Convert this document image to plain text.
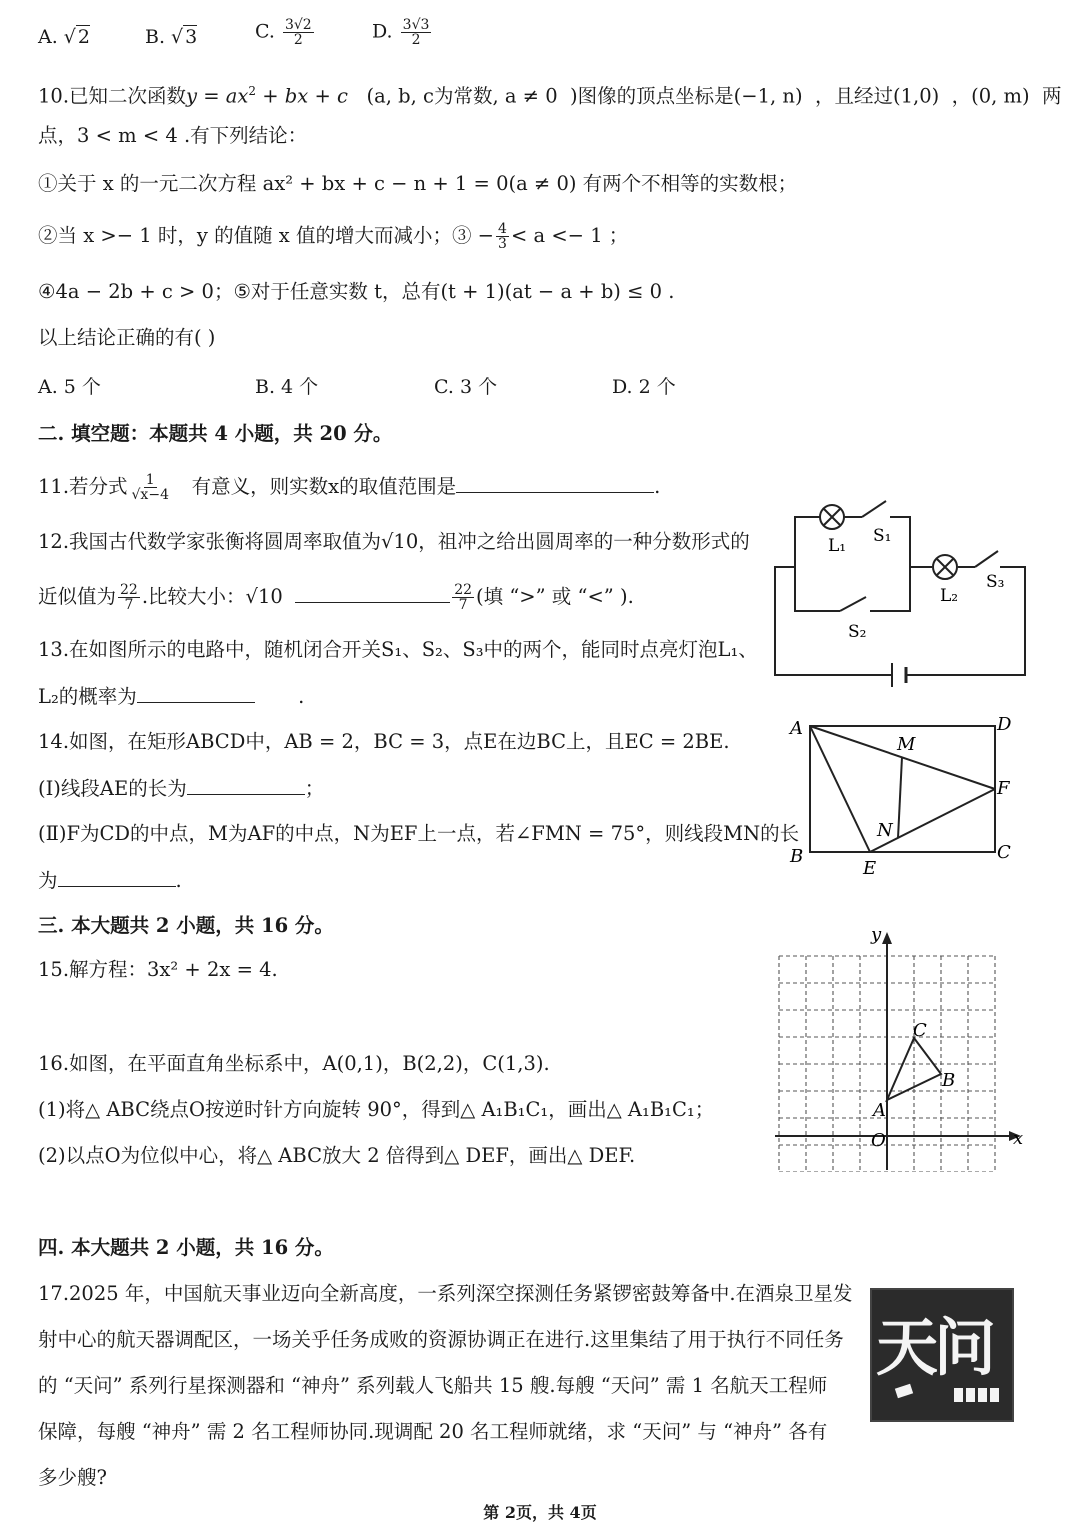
A. √ 2	B. √ 3	C. $\frac{3√2}{2}$	D. $\frac{3√3}{2}$
10.已知二次函数$y = ax^2$ + bx + c (a, b, c为常数, a ≠ 0 )图像的顶点坐标是(−1, n) ，且经过(1,0) ，(0, m) 两
点，3 < m < 4 .有下列结论：
①关于 x 的一元二次方程 ax² + bx + c − n + 1 = 0(a ≠ 0) 有两个不相等的实数根；
②当 x >− 1 时，y 的值随 x 值的增大而减小；③ − $\frac{4}{3} < a <- 1$ ；
④4a − 2b + c > 0；⑤对于任意实数 t，总有(t + 1)(at − a + b) ≤ 0 .
以上结论正确的有( )
A. 5 个	B. 4 个	C. 3 个	D. 2 个
二. 填空题：本题共 4 小题，共 20 分。
11.若分式 $\frac{1}{√x-4}$ 有意义，则实数x的取值范围是	.
12.我国古代数学家张衡将圆周率取值为√10，祖冲之给出圆周率的一种分数形式的
近似值为 $\frac{22}{7}$ .比较大小：√10	$\frac{22}{7}$ (填 “>” 或 “<” ).
13.在如图所示的电路中，随机闭合开关S₁、S₂、S₃中的两个，能同时点亮灯泡L₁、
L₂的概率为	.
14.如图，在矩形ABCD中，AB = 2，BC = 3，点E在边BC上，且EC = 2BE.
(Ⅰ)线段AE的长为	；
(Ⅱ)F为CD的中点，M为AF的中点，N为EF上一点，若∠FMN = 75°，则线段MN的长
为	.
三. 本大题共 2 小题，共 16 分。
15.解方程：3x² + 2x = 4.
16.如图，在平面直角坐标系中，A(0,1)，B(2,2)，C(1,3).
(1)将△ ABC绕点O按逆时针方向旋转 90°，得到△ A₁B₁C₁，画出△ A₁B₁C₁；
(2)以点O为位似中心，将△ ABC放大 2 倍得到△ DEF，画出△ DEF.
四. 本大题共 2 小题，共 16 分。
17.2025 年，中国航天事业迈向全新高度，一系列深空探测任务紧锣密鼓筹备中.在酒泉卫星发
射中心的航天器调配区，一场关乎任务成败的资源协调正在进行.这里集结了用于执行不同任务
的 “天问” 系列行星探测器和 “神舟” 系列载人飞船共 15 艘.每艘 “天问” 需 1 名航天工程师
保障，每艘 “神舟” 需 2 名工程师协同.现调配 20 名工程师就绪，求 “天问” 与 “神舟” 各有
多少艘?
L₁ S₁
L₂
S₃
S₂
A	D
M
F
N
B
E
C
y
x
O
A
B
C
天问
第 2页，共 4页
